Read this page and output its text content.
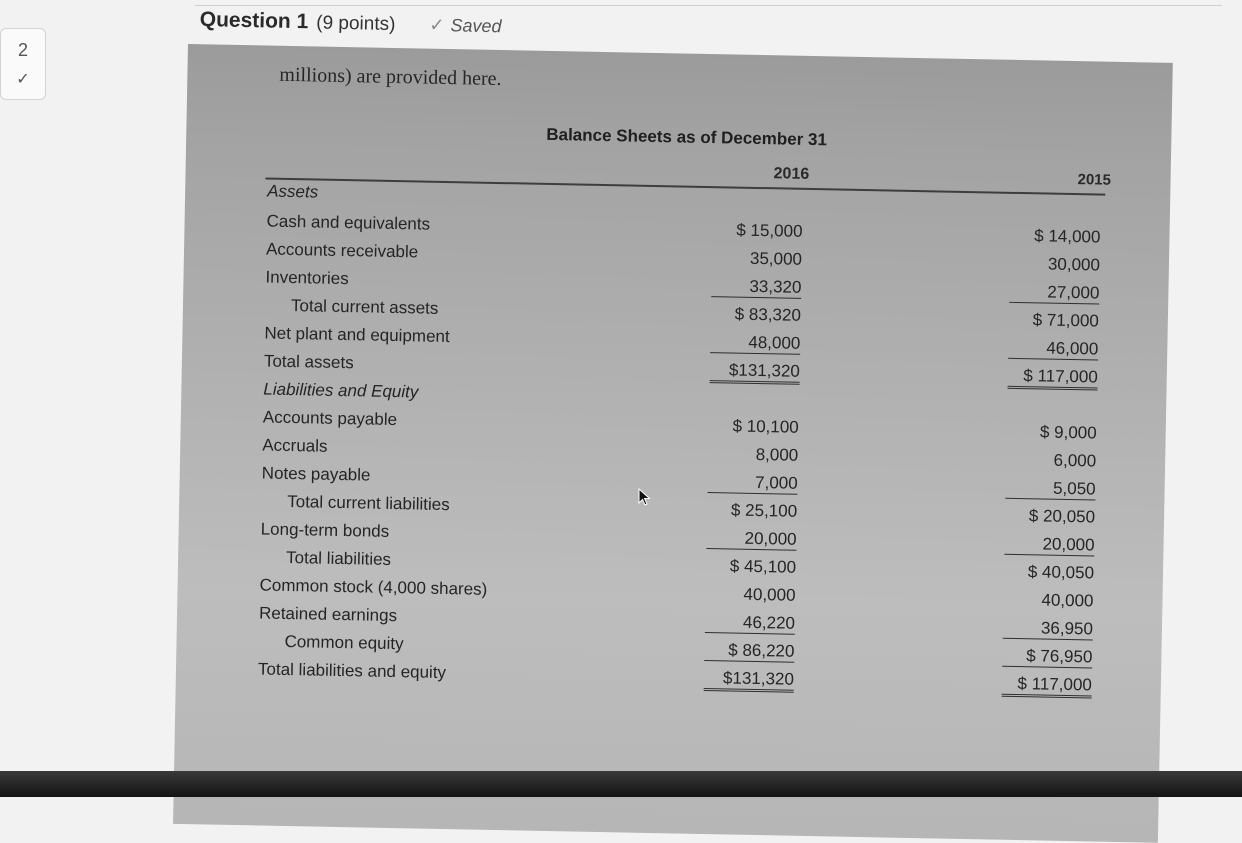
2
✓
Question 1 (9 points) ✓ Saved
millions) are provided here.
Balance Sheets as of December 31
2016	2015
Assets
Cash and equivalents	$ 15,000	$ 14,000
Accounts receivable	35,000	30,000
Inventories	33,320	27,000
Total current assets	$ 83,320	$ 71,000
Net plant and equipment	48,000	46,000
Total assets	$131,320	$ 117,000
Liabilities and Equity
Accounts payable	$ 10,100	$ 9,000
Accruals	8,000	6,000
Notes payable	7,000	5,050
Total current liabilities	$ 25,100	$ 20,050
Long-term bonds	20,000	20,000
Total liabilities	$ 45,100	$ 40,050
Common stock (4,000 shares)	40,000	40,000
Retained earnings	46,220	36,950
Common equity	$ 86,220	$ 76,950
Total liabilities and equity	$131,320	$ 117,000
